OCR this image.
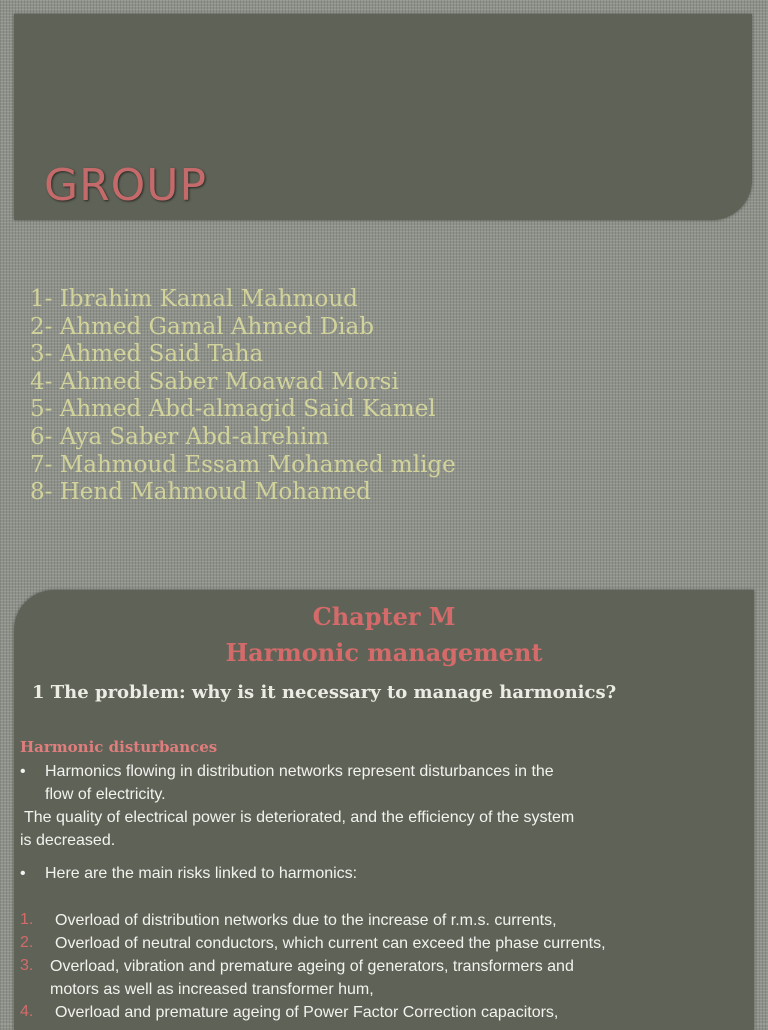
GROUP
1- Ibrahim Kamal Mahmoud
2- Ahmed Gamal Ahmed Diab
3- Ahmed Said Taha
4- Ahmed Saber Moawad Morsi
5- Ahmed Abd-almagid Said Kamel
6- Aya Saber Abd-alrehim
7- Mahmoud Essam Mohamed mlige
8- Hend Mahmoud Mohamed
Chapter M
Harmonic management
1 The problem: why is it necessary to manage harmonics?
Harmonic disturbances
• Harmonics flowing in distribution networks represent disturbances in the
flow of electricity.
The quality of electrical power is deteriorated, and the efficiency of the system
is decreased.
• Here are the main risks linked to harmonics:
1. Overload of distribution networks due to the increase of r.m.s. currents,
2. Overload of neutral conductors, which current can exceed the phase currents,
3. Overload, vibration and premature ageing of generators, transformers and
motors as well as increased transformer hum,
4. Overload and premature ageing of Power Factor Correction capacitors,
